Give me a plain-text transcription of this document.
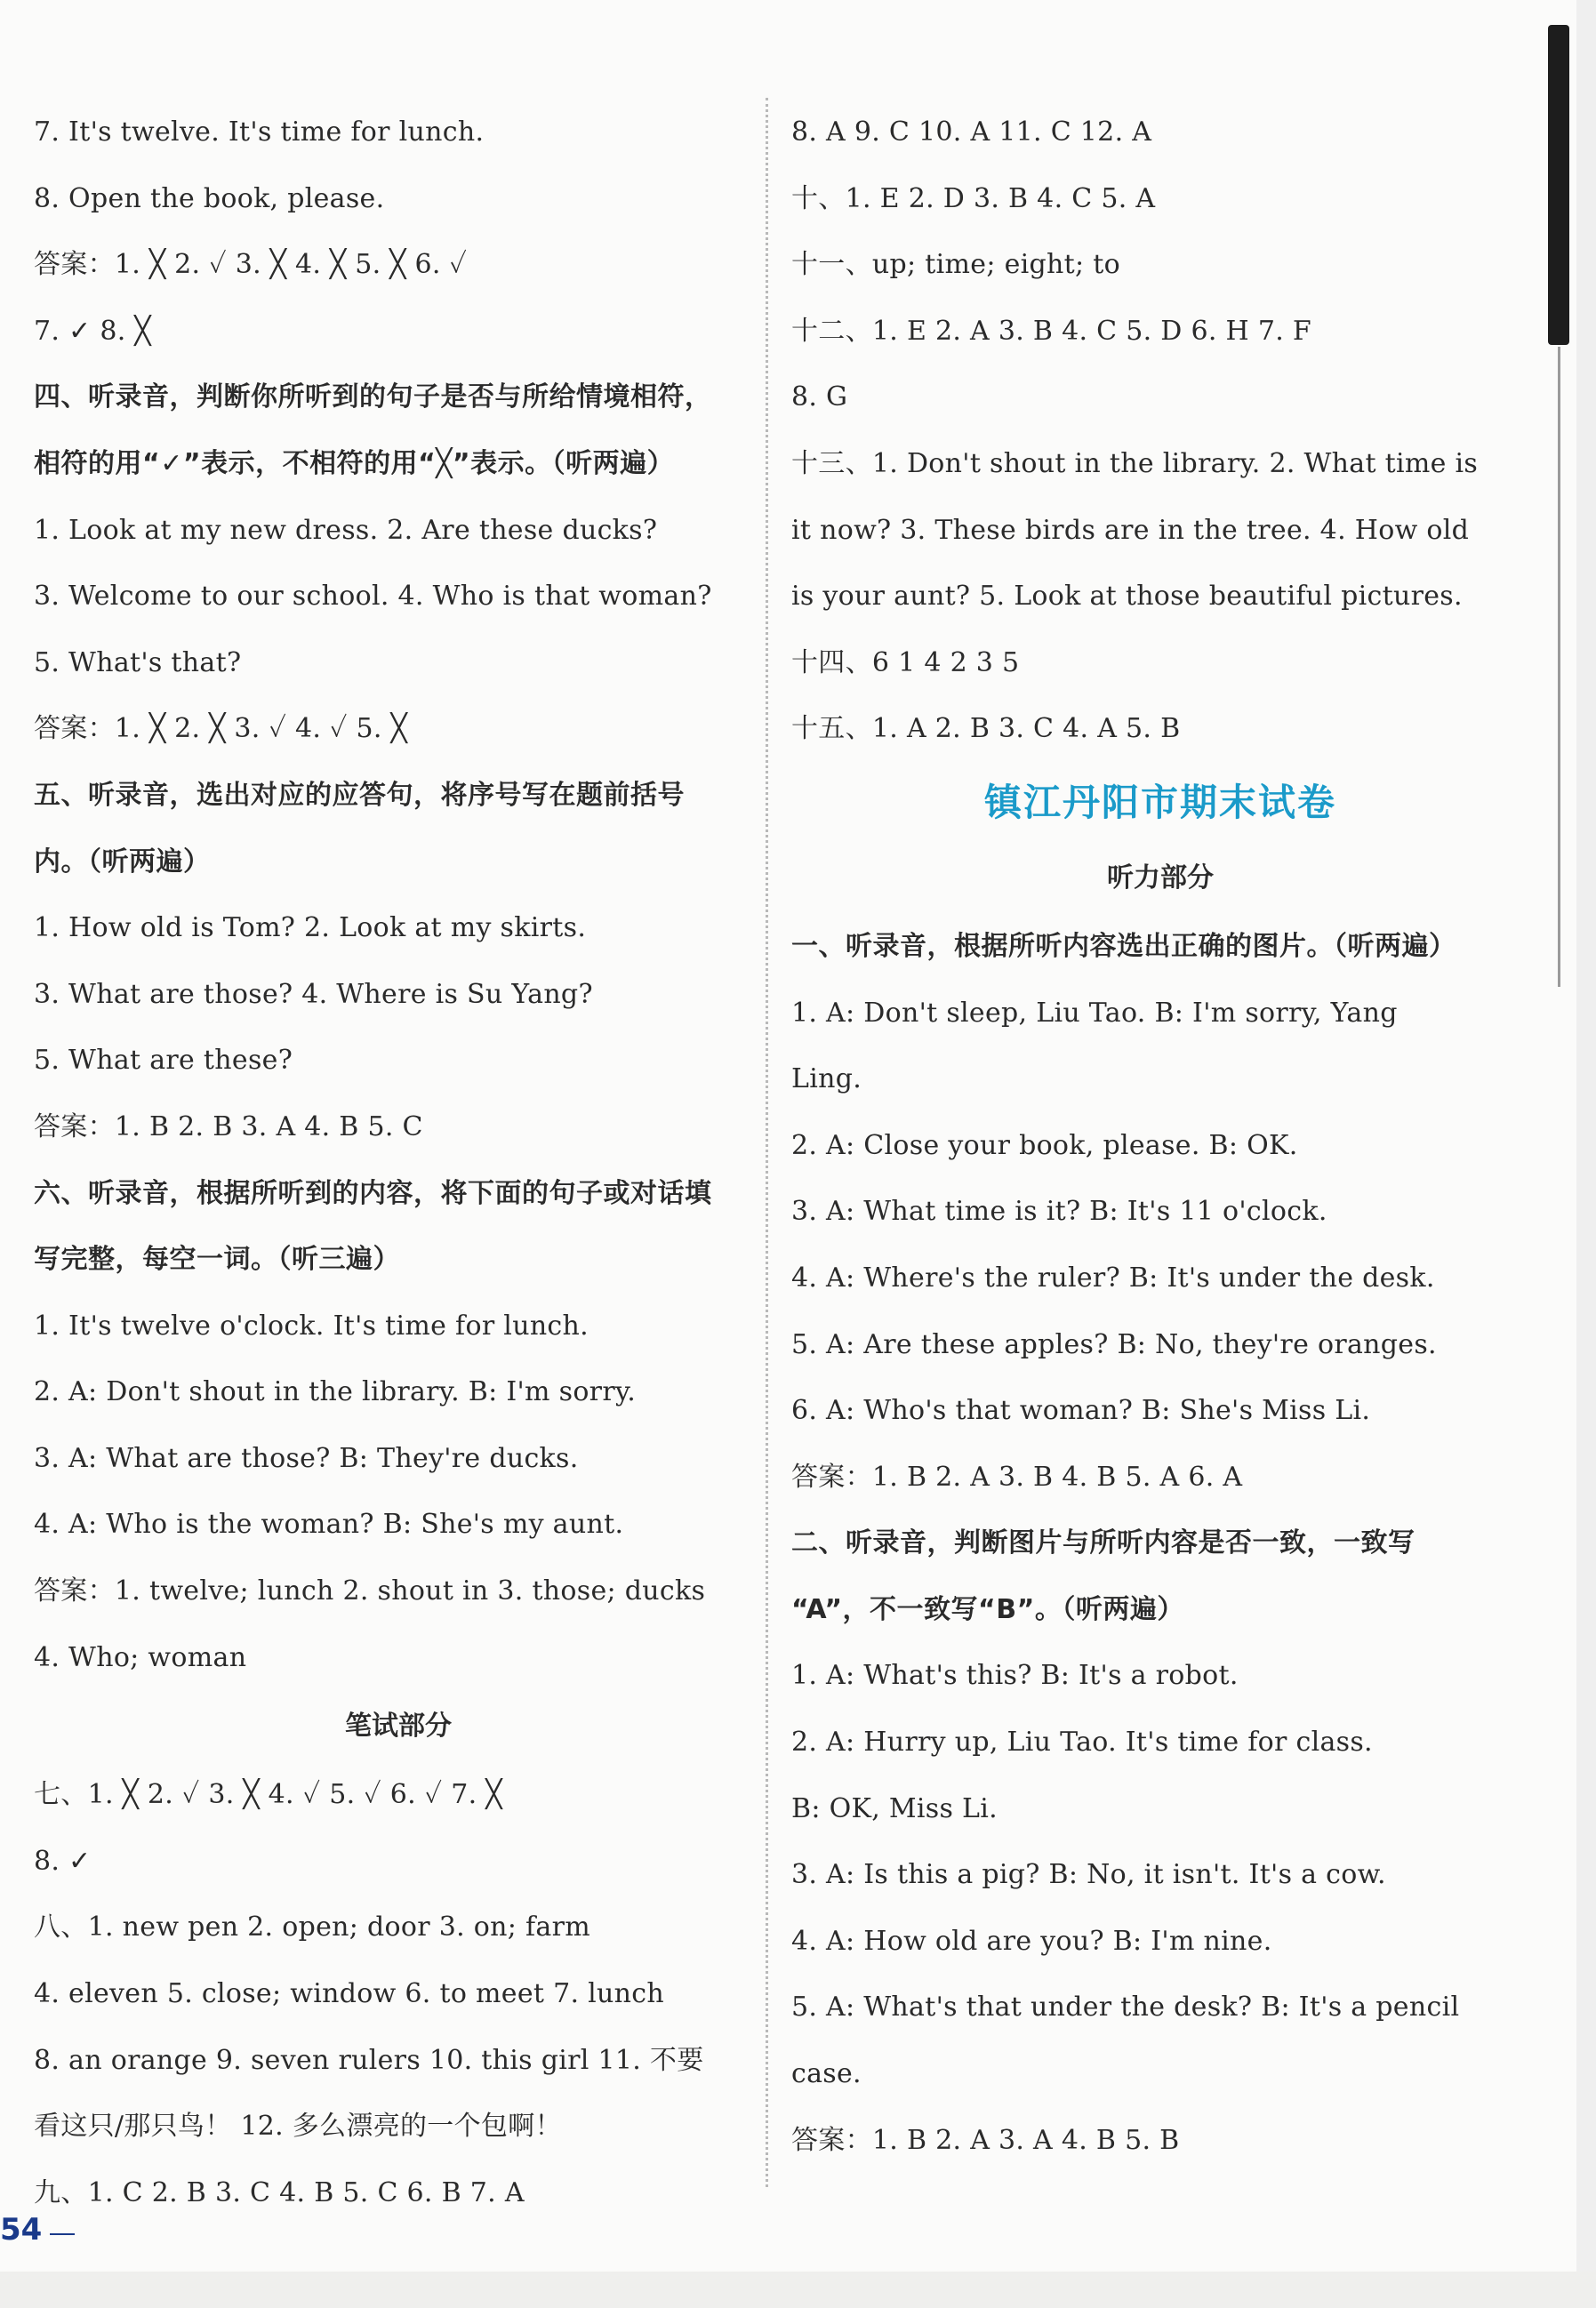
7. It's twelve. It's time for lunch.
8. Open the book, please.
答案：1. ╳ 2. ✓ 3. ╳ 4. ╳ 5. ╳ 6. ✓
7. ✓ 8. ╳
四、听录音，判断你所听到的句子是否与所给情境相符，
相符的用“✓”表示，不相符的用“╳”表示。（听两遍）
1. Look at my new dress. 2. Are these ducks?
3. Welcome to our school. 4. Who is that woman?
5. What's that?
答案：1. ╳ 2. ╳ 3. ✓ 4. ✓ 5. ╳
五、听录音，选出对应的应答句，将序号写在题前括号
内。（听两遍）
1. How old is Tom? 2. Look at my skirts.
3. What are those? 4. Where is Su Yang?
5. What are these?
答案：1. B 2. B 3. A 4. B 5. C
六、听录音，根据所听到的内容，将下面的句子或对话填
写完整，每空一词。（听三遍）
1. It's twelve o'clock. It's time for lunch.
2. A: Don't shout in the library. B: I'm sorry.
3. A: What are those? B: They're ducks.
4. A: Who is the woman? B: She's my aunt.
答案：1. twelve; lunch 2. shout in 3. those; ducks
4. Who; woman
笔试部分
七、1. ╳ 2. ✓ 3. ╳ 4. ✓ 5. ✓ 6. ✓ 7. ╳
8. ✓
八、1. new pen 2. open; door 3. on; farm
4. eleven 5. close; window 6. to meet 7. lunch
8. an orange 9. seven rulers 10. this girl 11. 不要
看这只/那只鸟！ 12. 多么漂亮的一个包啊！
九、1. C 2. B 3. C 4. B 5. C 6. B 7. A
8. A 9. C 10. A 11. C 12. A
十、1. E 2. D 3. B 4. C 5. A
十一、up; time; eight; to
十二、1. E 2. A 3. B 4. C 5. D 6. H 7. F
8. G
十三、1. Don't shout in the library. 2. What time is
it now? 3. These birds are in the tree. 4. How old
is your aunt? 5. Look at those beautiful pictures.
十四、6 1 4 2 3 5
十五、1. A 2. B 3. C 4. A 5. B
镇江丹阳市期末试卷
听力部分
一、听录音，根据所听内容选出正确的图片。（听两遍）
1. A: Don't sleep, Liu Tao. B: I'm sorry, Yang
Ling.
2. A: Close your book, please. B: OK.
3. A: What time is it? B: It's 11 o'clock.
4. A: Where's the ruler? B: It's under the desk.
5. A: Are these apples? B: No, they're oranges.
6. A: Who's that woman? B: She's Miss Li.
答案：1. B 2. A 3. B 4. B 5. A 6. A
二、听录音，判断图片与所听内容是否一致，一致写
“A”，不一致写“B”。（听两遍）
1. A: What's this? B: It's a robot.
2. A: Hurry up, Liu Tao. It's time for class.
B: OK, Miss Li.
3. A: Is this a pig? B: No, it isn't. It's a cow.
4. A: How old are you? B: I'm nine.
5. A: What's that under the desk? B: It's a pencil
case.
答案：1. B 2. A 3. A 4. B 5. B
54
